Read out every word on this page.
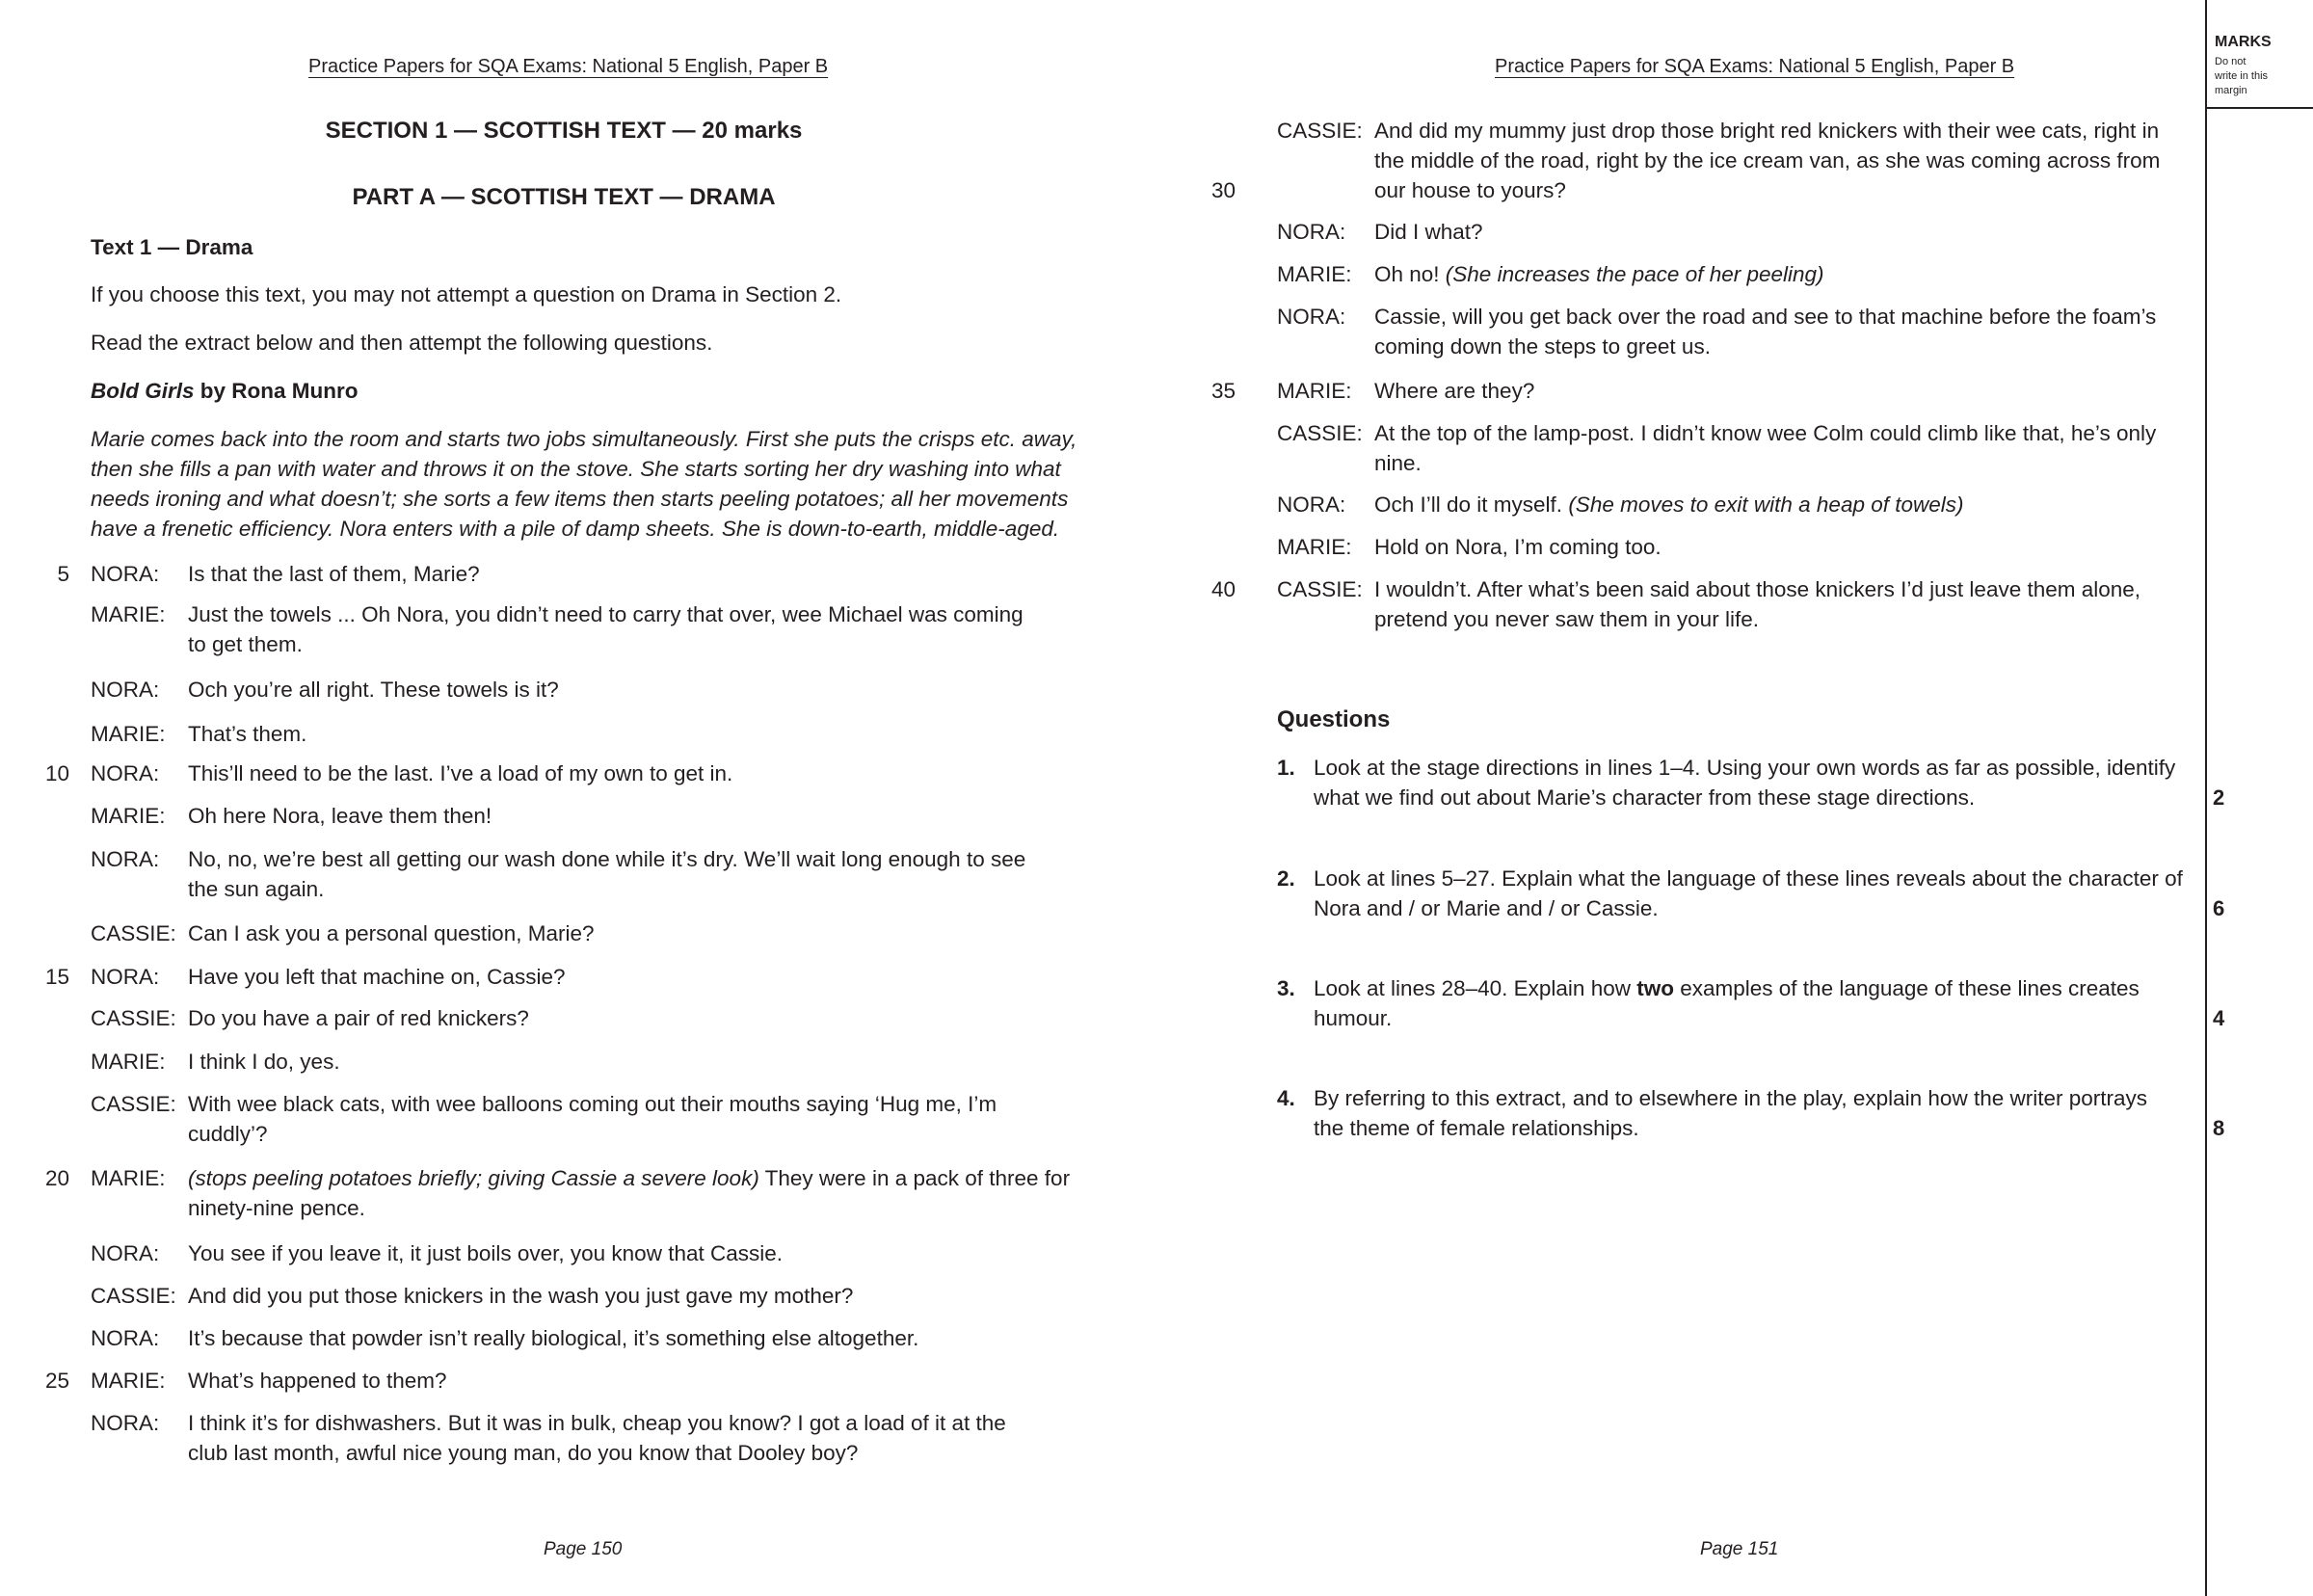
Practice Papers for SQA Exams: National 5 English, Paper B
SECTION 1 — SCOTTISH TEXT — 20 marks
PART A — SCOTTISH TEXT — DRAMA
Text 1 — Drama
If you choose this text, you may not attempt a question on Drama in Section 2.
Read the extract below and then attempt the following questions.
Bold Girls by Rona Munro
Marie comes back into the room and starts two jobs simultaneously. First she puts the crisps etc. away,
then she fills a pan with water and throws it on the stove. She starts sorting her dry washing into what
needs ironing and what doesn’t; she sorts a few items then starts peeling potatoes; all her movements
have a frenetic efficiency. Nora enters with a pile of damp sheets. She is down-to-earth, middle-aged.
5 NORA: Is that the last of them, Marie?
MARIE: Just the towels ... Oh Nora, you didn’t need to carry that over, wee Michael was coming
to get them.
NORA: Och you’re all right. These towels is it?
MARIE: That’s them.
10 NORA: This’ll need to be the last. I’ve a load of my own to get in.
MARIE: Oh here Nora, leave them then!
NORA: No, no, we’re best all getting our wash done while it’s dry. We’ll wait long enough to see
the sun again.
CASSIE: Can I ask you a personal question, Marie?
15 NORA: Have you left that machine on, Cassie?
CASSIE: Do you have a pair of red knickers?
MARIE: I think I do, yes.
CASSIE: With wee black cats, with wee balloons coming out their mouths saying ‘Hug me, I’m
cuddly’?
20 MARIE: (stops peeling potatoes briefly; giving Cassie a severe look) They were in a pack of three for
ninety-nine pence.
NORA: You see if you leave it, it just boils over, you know that Cassie.
CASSIE: And did you put those knickers in the wash you just gave my mother?
NORA: It’s because that powder isn’t really biological, it’s something else altogether.
25 MARIE: What’s happened to them?
NORA: I think it’s for dishwashers. But it was in bulk, cheap you know? I got a load of it at the
club last month, awful nice young man, do you know that Dooley boy?
Page 150
Practice Papers for SQA Exams: National 5 English, Paper B
30
CASSIE: And did my mummy just drop those bright red knickers with their wee cats, right in
the middle of the road, right by the ice cream van, as she was coming across from
our house to yours?
NORA: Did I what?
MARIE: Oh no! (She increases the pace of her peeling)
NORA: Cassie, will you get back over the road and see to that machine before the foam’s
coming down the steps to greet us.
35 MARIE: Where are they?
CASSIE: At the top of the lamp-post. I didn’t know wee Colm could climb like that, he’s only
nine.
NORA: Och I’ll do it myself. (She moves to exit with a heap of towels)
MARIE: Hold on Nora, I’m coming too.
40 CASSIE: I wouldn’t. After what’s been said about those knickers I’d just leave them alone,
pretend you never saw them in your life.
Questions
1. Look at the stage directions in lines 1–4. Using your own words as far as possible, identify
what we find out about Marie’s character from these stage directions.	2
2. Look at lines 5–27. Explain what the language of these lines reveals about the character of
Nora and / or Marie and / or Cassie.	6
3. Look at lines 28–40. Explain how two examples of the language of these lines creates
humour.	4
4. By referring to this extract, and to elsewhere in the play, explain how the writer portrays
the theme of female relationships.	8
Page 151
MARKS
Do not
write in this
margin
